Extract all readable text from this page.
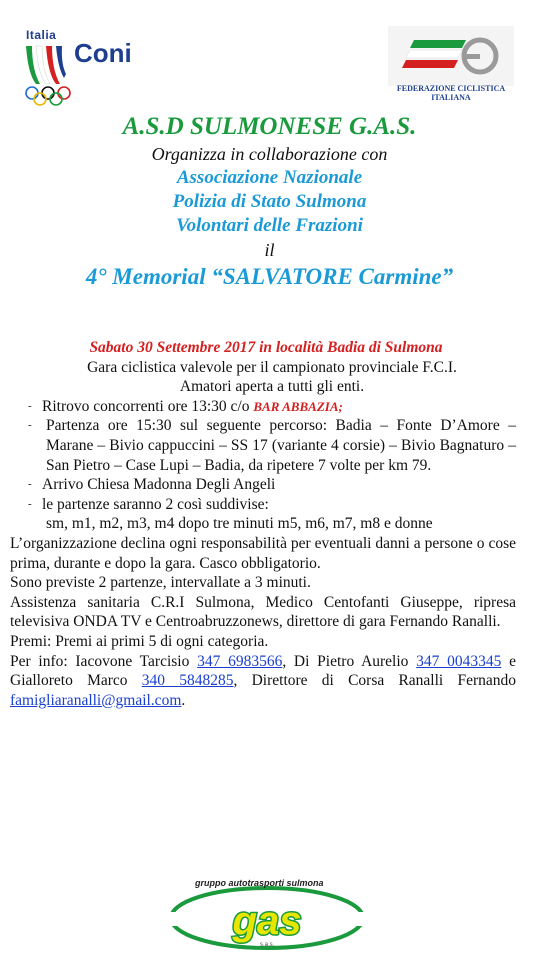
Italia
Coni
FEDERAZIONE CICLISTICA
ITALIANA
A.S.D SULMONESE G.A.S.
Organizza in collaborazione con
Associazione Nazionale
Polizia di Stato Sulmona
Volontari delle Frazioni
il
4° Memorial “SALVATORE Carmine”
Sabato 30 Settembre 2017 in località Badia di Sulmona
Gara ciclistica valevole per il campionato provinciale F.C.I.
Amatori aperta a tutti gli enti.
- Ritrovo concorrenti ore 13:30 c/o BAR ABBAZIA;
- Partenza ore 15:30 sul seguente percorso: Badia – Fonte D’Amore – Marane – Bivio cappuccini – SS 17 (variante 4 corsie) – Bivio Bagnaturo – San Pietro – Case Lupi – Badia, da ripetere 7 volte per km 79.
- Arrivo Chiesa Madonna Degli Angeli
- le partenze saranno 2 così suddivise:
sm, m1, m2, m3, m4 dopo tre minuti m5, m6, m7, m8 e donne
L’organizzazione declina ogni responsabilità per eventuali danni a persone o cose prima, durante e dopo la gara. Casco obbligatorio.
Sono previste 2 partenze, intervallate a 3 minuti.
Assistenza sanitaria C.R.I Sulmona, Medico Centofanti Giuseppe, ripresa televisiva ONDA TV e Centroabruzzonews, direttore di gara Fernando Ranalli.
Premi: Premi ai primi 5 di ogni categoria.
Per info: Iacovone Tarcisio 347 6983566, Di Pietro Aurelio 347 0043345 e Gialloreto Marco 340 5848285, Direttore di Corsa Ranalli Fernando famigliaranalli@gmail.com.
gruppo autotrasporti sulmona
gas
s.a.s.
